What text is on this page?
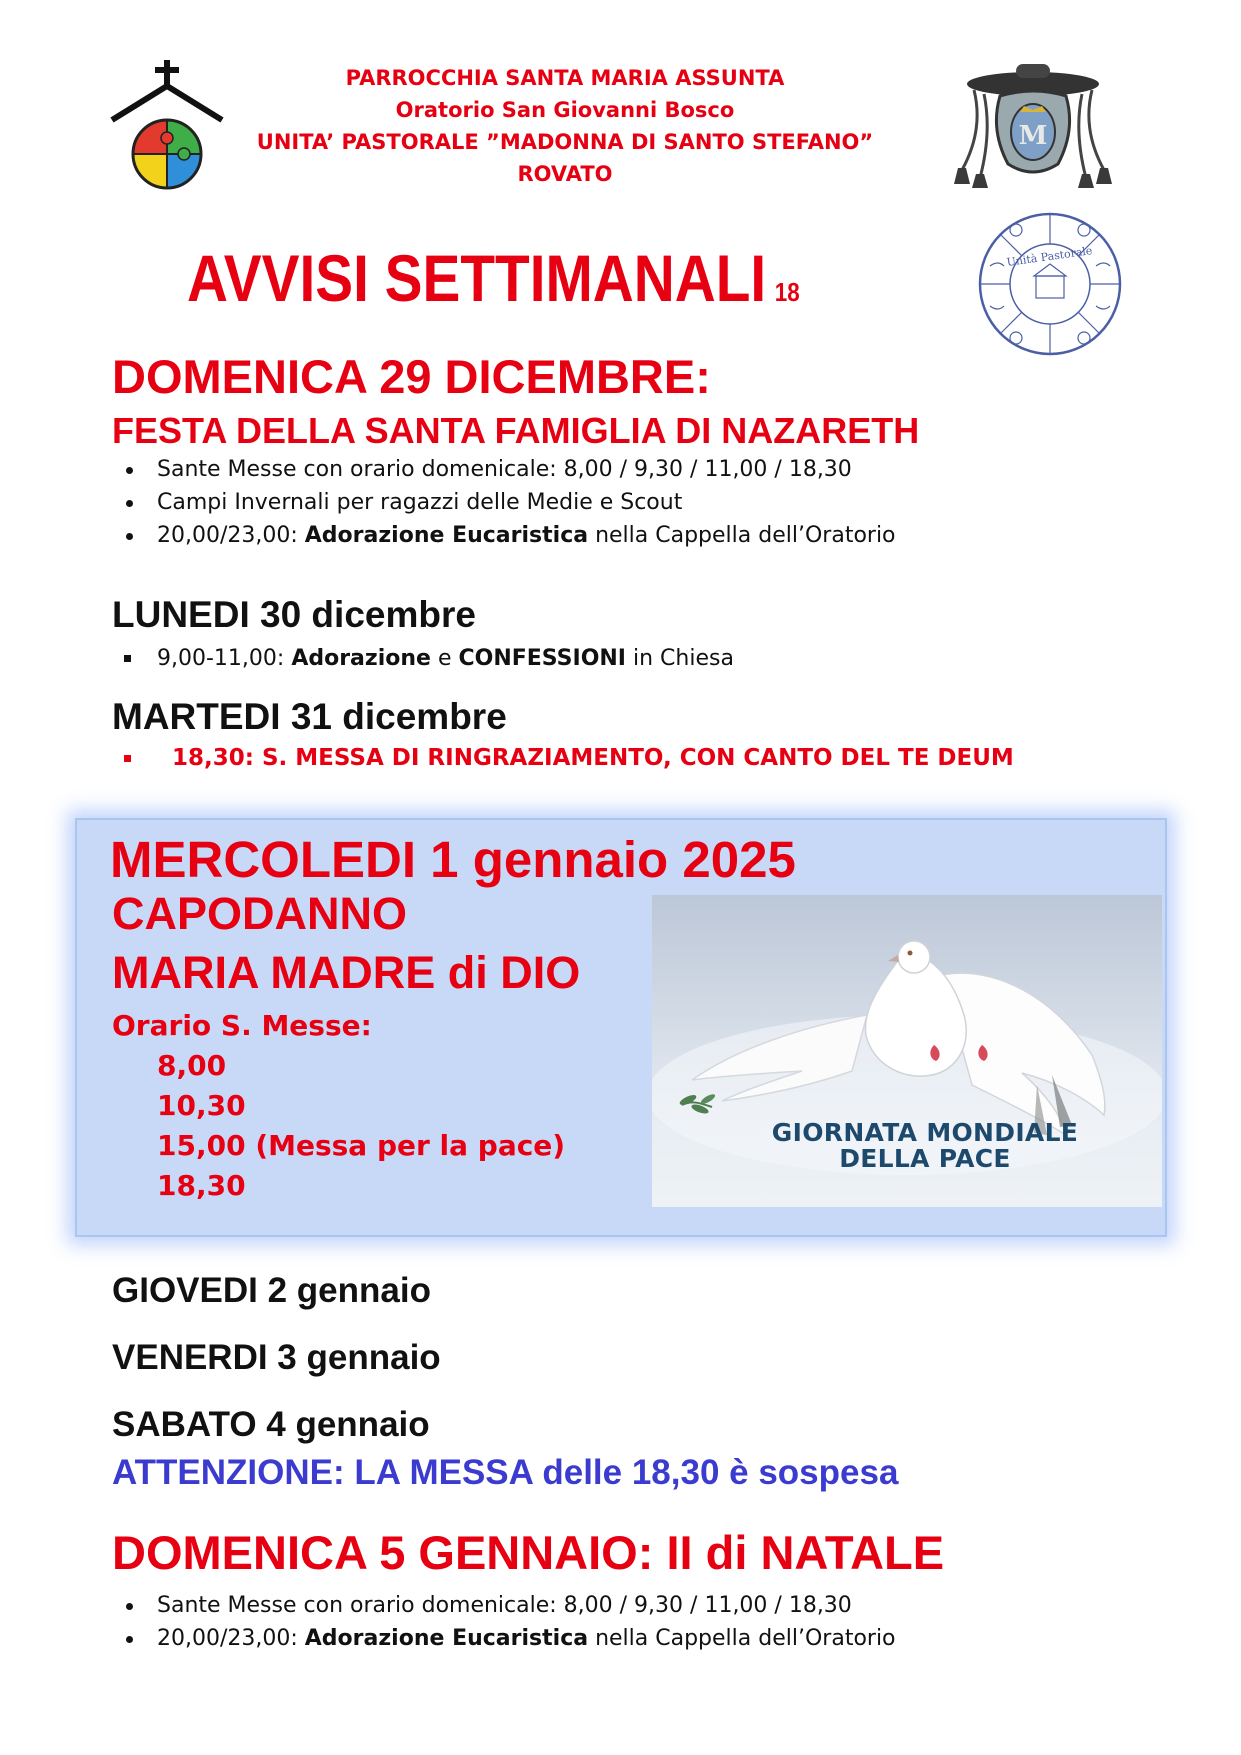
M
Unità Pastorale
PARROCCHIA SANTA MARIA ASSUNTA
Oratorio San Giovanni Bosco
UNITA’ PASTORALE ”MADONNA DI SANTO STEFANO”
ROVATO
AVVISI SETTIMANALI 18
DOMENICA 29 DICEMBRE:
FESTA DELLA SANTA FAMIGLIA DI NAZARETH
Sante Messe con orario domenicale: 8,00 / 9,30 / 11,00 / 18,30
Campi Invernali per ragazzi delle Medie e Scout
20,00/23,00: Adorazione Eucaristica nella Cappella dell’Oratorio
LUNEDI 30 dicembre
9,00-11,00: Adorazione e CONFESSIONI in Chiesa
MARTEDI 31 dicembre
18,30: S. MESSA DI RINGRAZIAMENTO, CON CANTO DEL TE DEUM
MERCOLEDI 1 gennaio 2025
CAPODANNO
MARIA MADRE di DIO
Orario S. Messe:
8,00
10,30
15,00 (Messa per la pace)
18,30
GIORNATA MONDIALE
DELLA PACE
GIOVEDI 2 gennaio
VENERDI 3 gennaio
SABATO 4 gennaio
ATTENZIONE: LA MESSA delle 18,30 è sospesa
DOMENICA 5 GENNAIO: II di NATALE
Sante Messe con orario domenicale: 8,00 / 9,30 / 11,00 / 18,30
20,00/23,00: Adorazione Eucaristica nella Cappella dell’Oratorio
